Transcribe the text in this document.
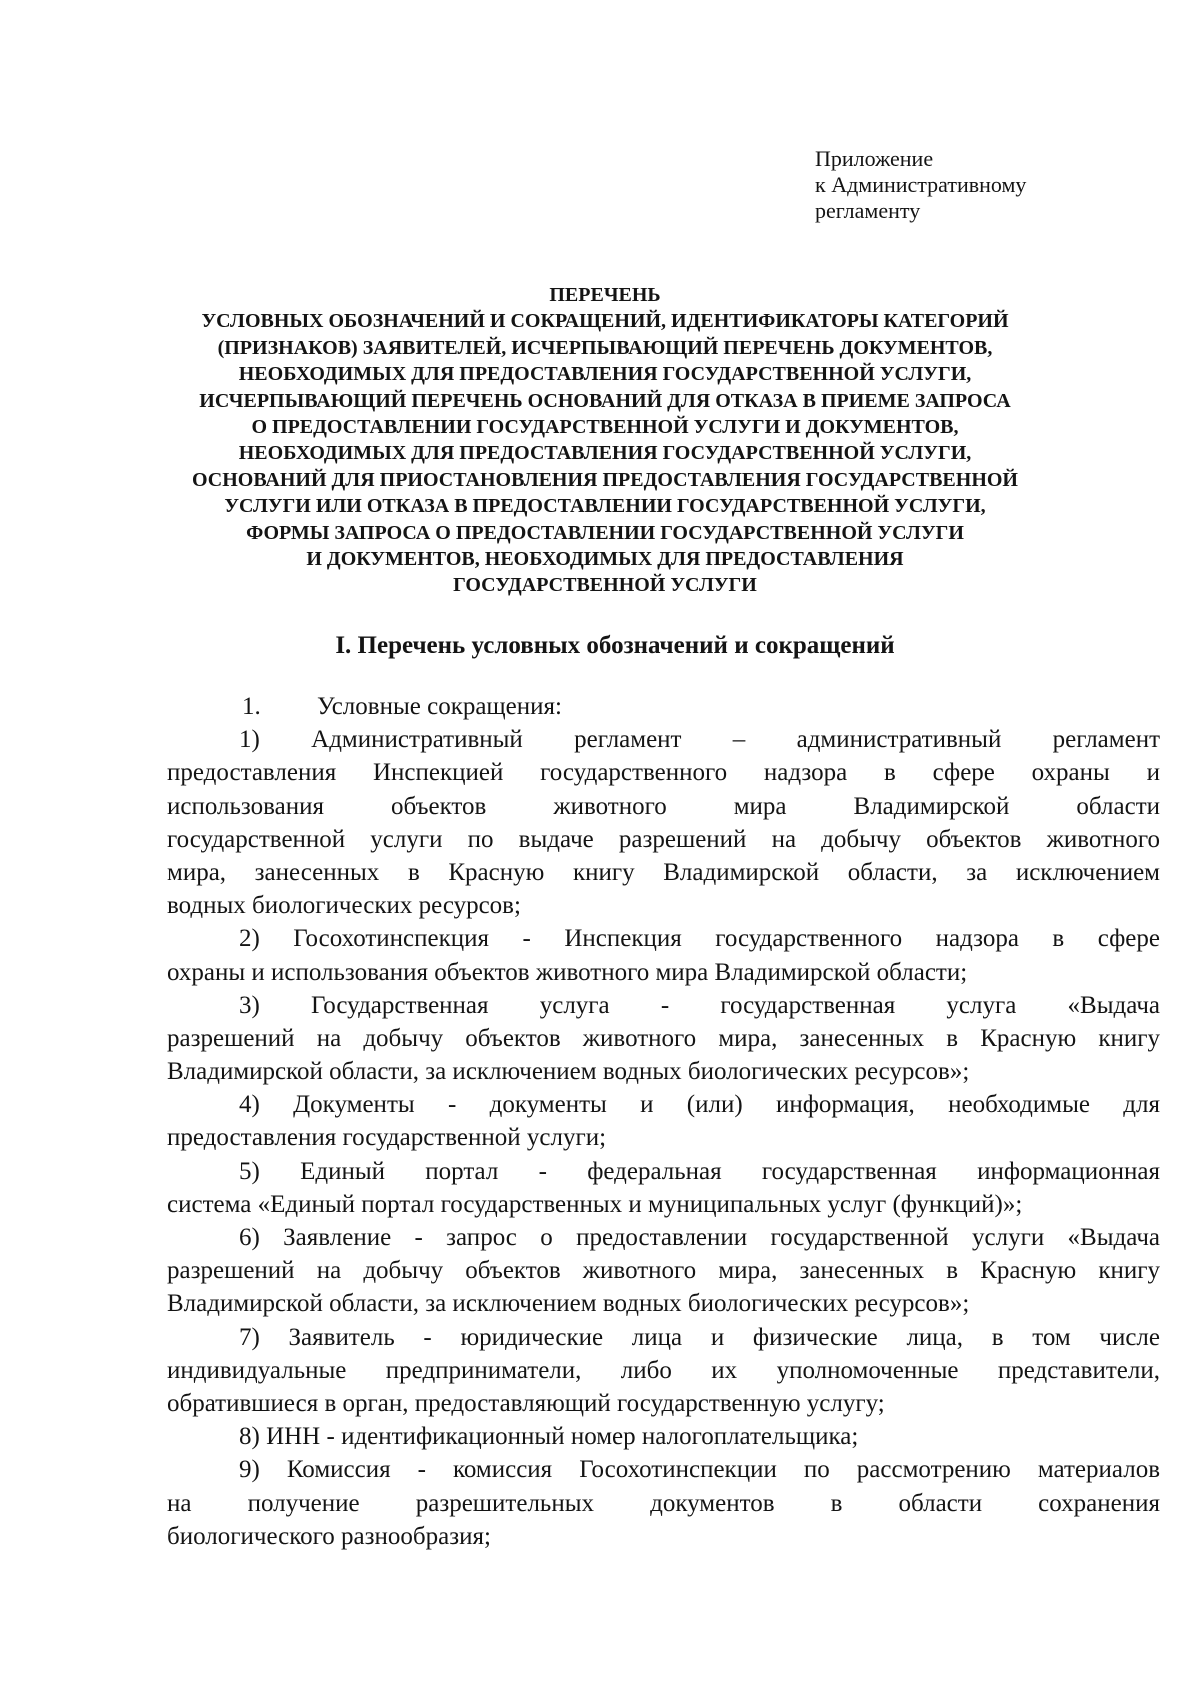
Приложение
к Административному
регламенту
ПЕРЕЧЕНЬ
УСЛОВНЫХ ОБОЗНАЧЕНИЙ И СОКРАЩЕНИЙ, ИДЕНТИФИКАТОРЫ КАТЕГОРИЙ
(ПРИЗНАКОВ) ЗАЯВИТЕЛЕЙ, ИСЧЕРПЫВАЮЩИЙ ПЕРЕЧЕНЬ ДОКУМЕНТОВ,
НЕОБХОДИМЫХ ДЛЯ ПРЕДОСТАВЛЕНИЯ ГОСУДАРСТВЕННОЙ УСЛУГИ,
ИСЧЕРПЫВАЮЩИЙ ПЕРЕЧЕНЬ ОСНОВАНИЙ ДЛЯ ОТКАЗА В ПРИЕМЕ ЗАПРОСА
О ПРЕДОСТАВЛЕНИИ ГОСУДАРСТВЕННОЙ УСЛУГИ И ДОКУМЕНТОВ,
НЕОБХОДИМЫХ ДЛЯ ПРЕДОСТАВЛЕНИЯ ГОСУДАРСТВЕННОЙ УСЛУГИ,
ОСНОВАНИЙ ДЛЯ ПРИОСТАНОВЛЕНИЯ ПРЕДОСТАВЛЕНИЯ ГОСУДАРСТВЕННОЙ
УСЛУГИ ИЛИ ОТКАЗА В ПРЕДОСТАВЛЕНИИ ГОСУДАРСТВЕННОЙ УСЛУГИ,
ФОРМЫ ЗАПРОСА О ПРЕДОСТАВЛЕНИИ ГОСУДАРСТВЕННОЙ УСЛУГИ
И ДОКУМЕНТОВ, НЕОБХОДИМЫХ ДЛЯ ПРЕДОСТАВЛЕНИЯ
ГОСУДАРСТВЕННОЙ УСЛУГИ
I. Перечень условных обозначений и сокращений
1. Условные сокращения:
1) Административный регламент – административный регламент
предоставления Инспекцией государственного надзора в сфере охраны и
использования объектов животного мира Владимирской области
государственной услуги по выдаче разрешений на добычу объектов животного
мира, занесенных в Красную книгу Владимирской области, за исключением
водных биологических ресурсов;
2) Госохотинспекция - Инспекция государственного надзора в сфере
охраны и использования объектов животного мира Владимирской области;
3) Государственная услуга - государственная услуга «Выдача
разрешений на добычу объектов животного мира, занесенных в Красную книгу
Владимирской области, за исключением водных биологических ресурсов»;
4) Документы - документы и (или) информация, необходимые для
предоставления государственной услуги;
5) Единый портал - федеральная государственная информационная
система «Единый портал государственных и муниципальных услуг (функций)»;
6) Заявление - запрос о предоставлении государственной услуги «Выдача
разрешений на добычу объектов животного мира, занесенных в Красную книгу
Владимирской области, за исключением водных биологических ресурсов»;
7) Заявитель - юридические лица и физические лица, в том числе
индивидуальные предприниматели, либо их уполномоченные представители,
обратившиеся в орган, предоставляющий государственную услугу;
8) ИНН - идентификационный номер налогоплательщика;
9) Комиссия - комиссия Госохотинспекции по рассмотрению материалов
на получение разрешительных документов в области сохранения
биологического разнообразия;
